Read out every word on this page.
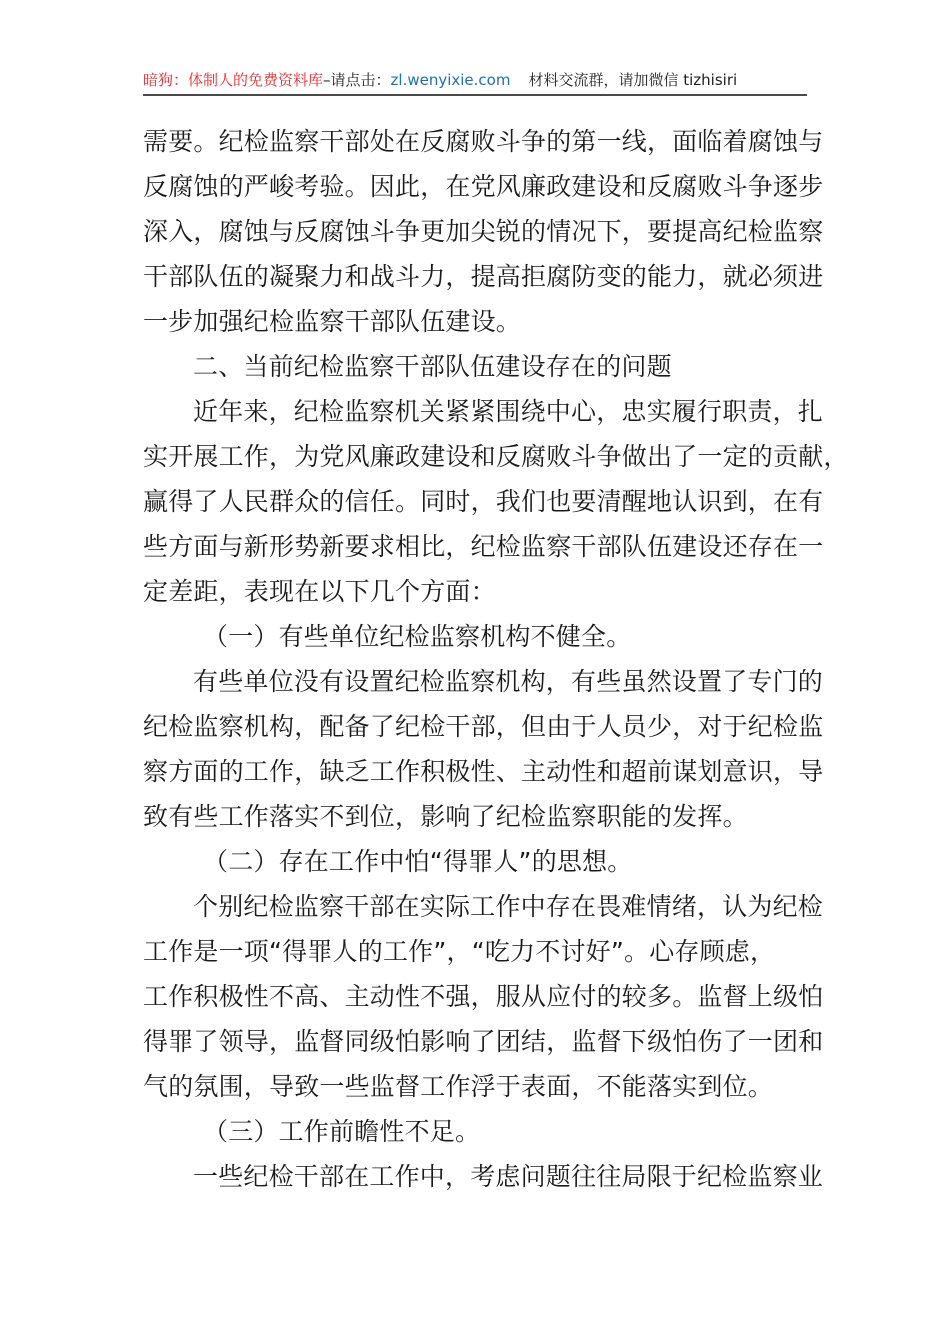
暗狗：体制人的免费资料库–请点击：zl.wenyixie.com 材料交流群，请加微信 tizhisiri
需要。纪检监察干部处在反腐败斗争的第一线，面临着腐蚀与
反腐蚀的严峻考验。因此，在党风廉政建设和反腐败斗争逐步
深入，腐蚀与反腐蚀斗争更加尖锐的情况下，要提高纪检监察
干部队伍的凝聚力和战斗力，提高拒腐防变的能力，就必须进
一步加强纪检监察干部队伍建设。
二、当前纪检监察干部队伍建设存在的问题
近年来，纪检监察机关紧紧围绕中心，忠实履行职责，扎
实开展工作，为党风廉政建设和反腐败斗争做出了一定的贡献，
赢得了人民群众的信任。同时，我们也要清醒地认识到，在有
些方面与新形势新要求相比，纪检监察干部队伍建设还存在一
定差距，表现在以下几个方面：
（一）有些单位纪检监察机构不健全。
有些单位没有设置纪检监察机构，有些虽然设置了专门的
纪检监察机构，配备了纪检干部，但由于人员少，对于纪检监
察方面的工作，缺乏工作积极性、主动性和超前谋划意识，导
致有些工作落实不到位，影响了纪检监察职能的发挥。
（二）存在工作中怕“得罪人”的思想。
个别纪检监察干部在实际工作中存在畏难情绪，认为纪检
工作是一项“得罪人的工作”，“吃力不讨好”。心存顾虑，
工作积极性不高、主动性不强，服从应付的较多。监督上级怕
得罪了领导，监督同级怕影响了团结，监督下级怕伤了一团和
气的氛围，导致一些监督工作浮于表面，不能落实到位。
（三）工作前瞻性不足。
一些纪检干部在工作中，考虑问题往往局限于纪检监察业
